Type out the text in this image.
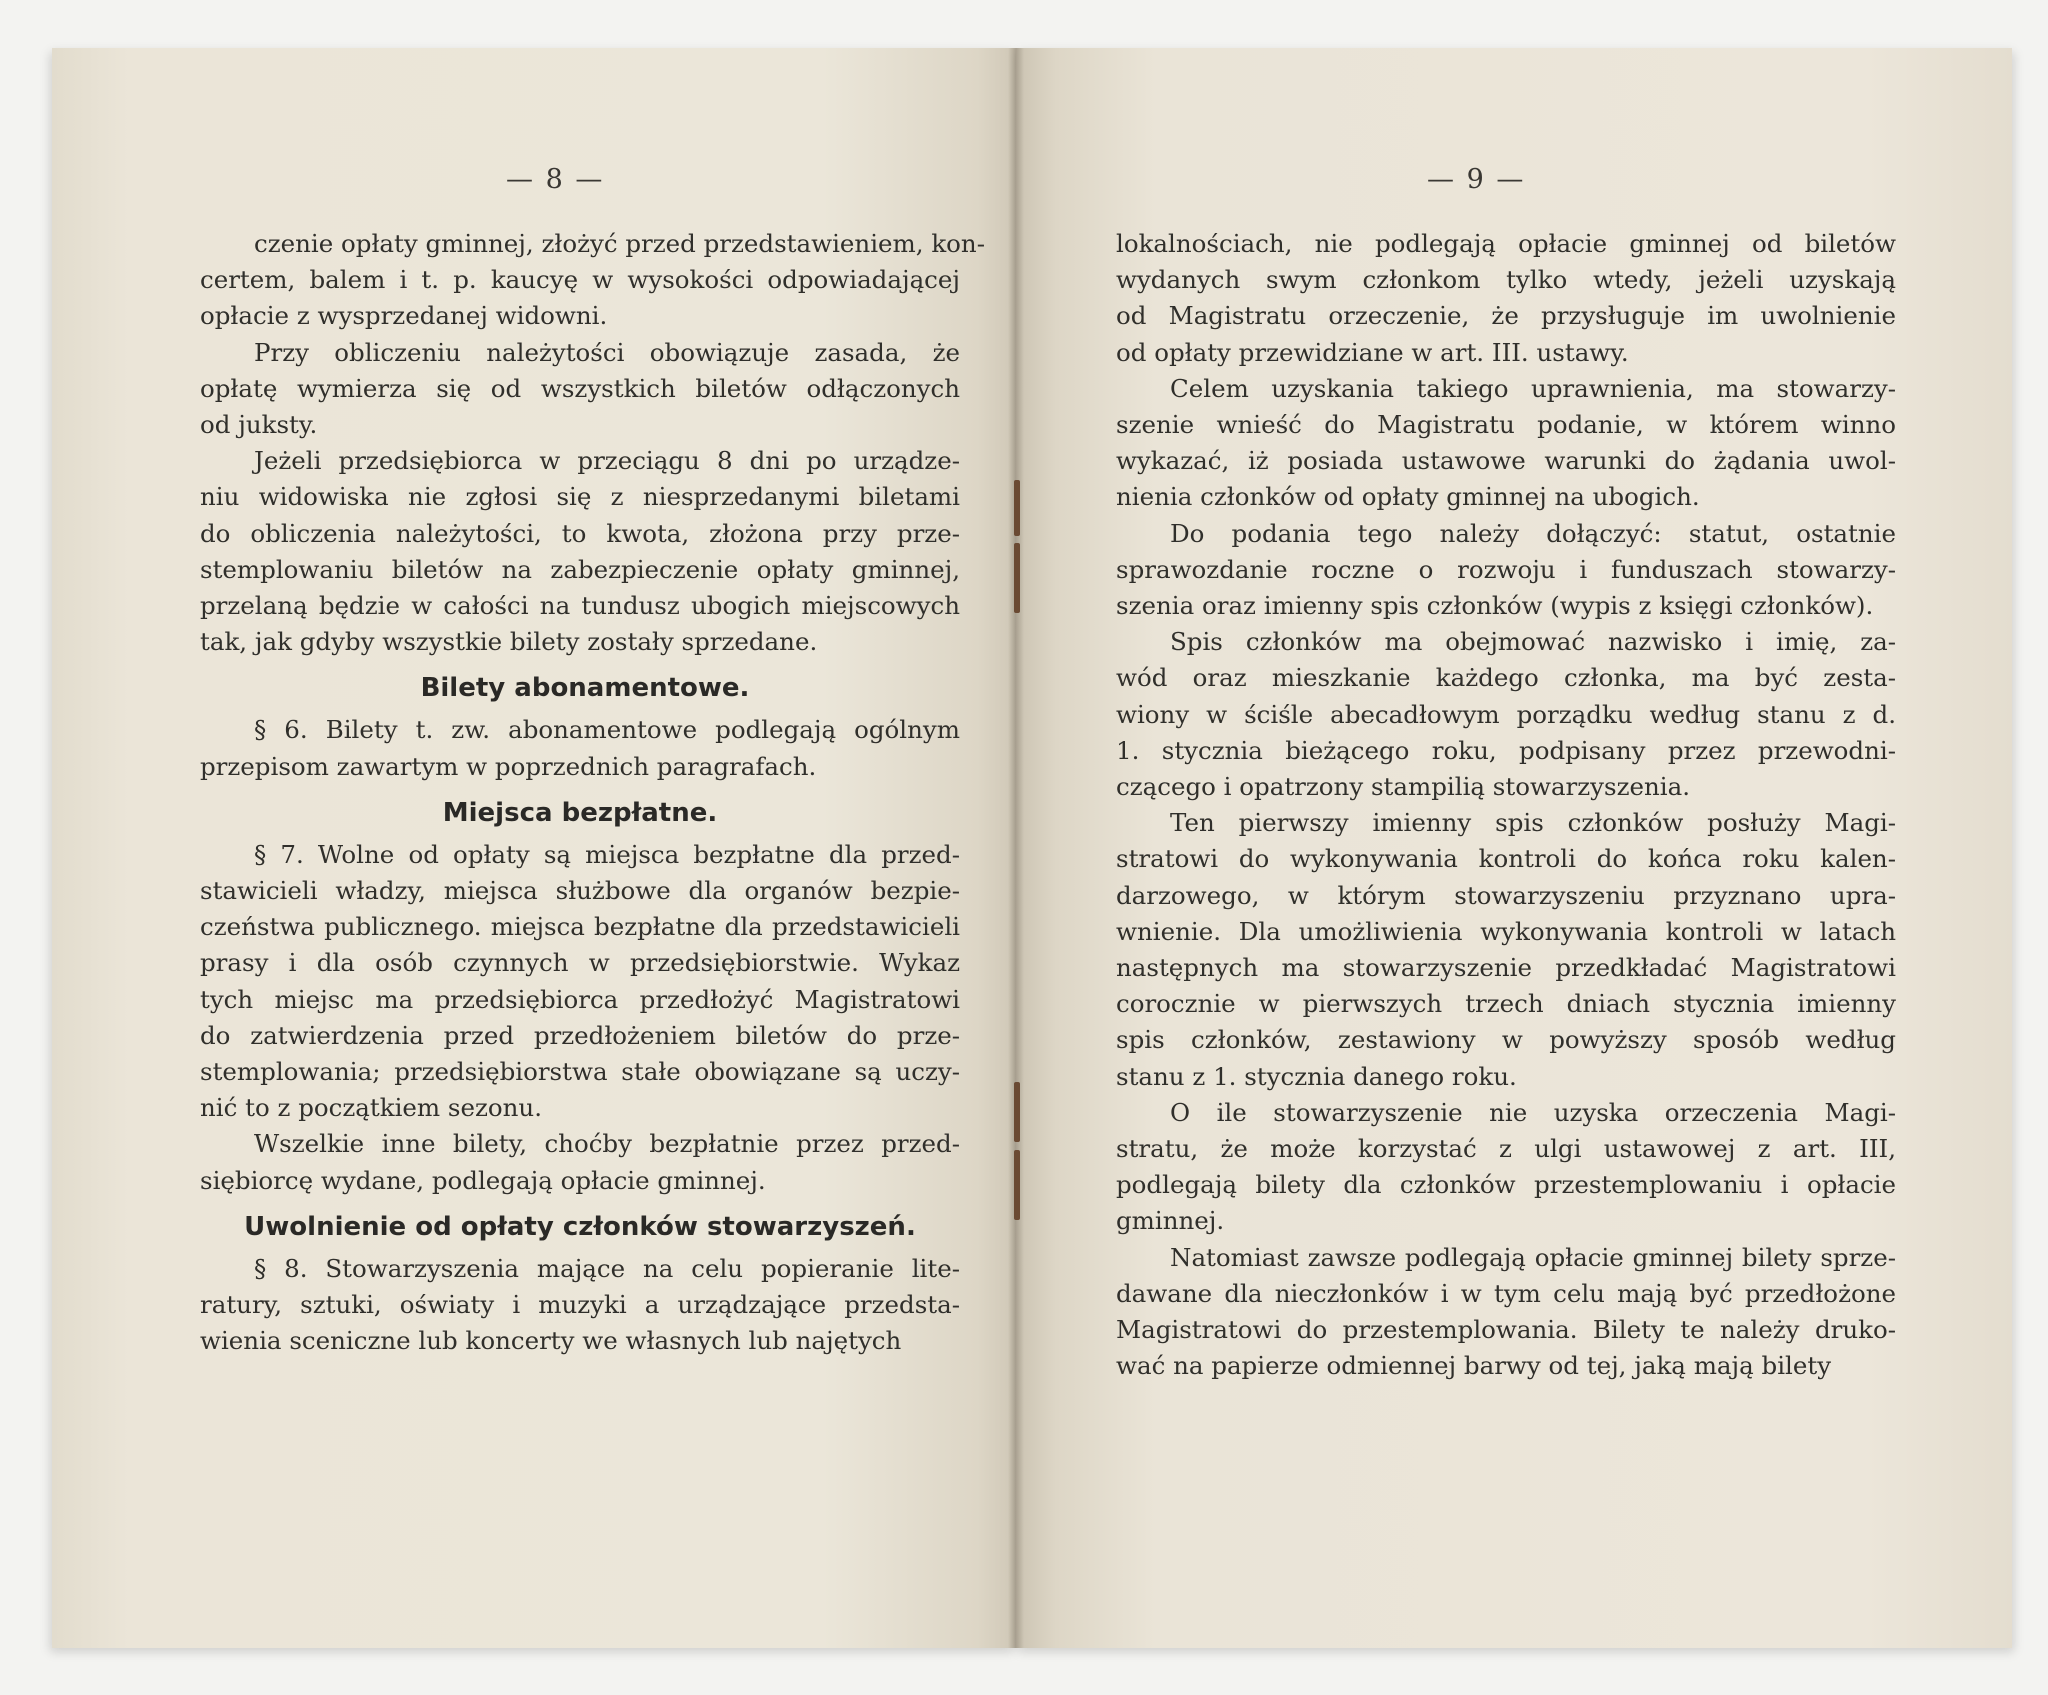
— 8 —
czenie opłaty gminnej, złożyć przed przedstawieniem, kon-
certem, balem i t. p. kaucyę w wysokości odpowiadającej
opłacie z wysprzedanej widowni.
Przy obliczeniu należytości obowiązuje zasada, że
opłatę wymierza się od wszystkich biletów odłączonych
od juksty.
Jeżeli przedsiębiorca w przeciągu 8 dni po urządze-
niu widowiska nie zgłosi się z niesprzedanymi biletami
do obliczenia należytości, to kwota, złożona przy prze-
stemplowaniu biletów na zabezpieczenie opłaty gminnej,
przelaną będzie w całości na tundusz ubogich miejscowych
tak, jak gdyby wszystkie bilety zostały sprzedane.
Bilety abonamentowe.
§ 6. Bilety t. zw. abonamentowe podlegają ogólnym
przepisom zawartym w poprzednich paragrafach.
Miejsca bezpłatne.
§ 7. Wolne od opłaty są miejsca bezpłatne dla przed-
stawicieli władzy, miejsca służbowe dla organów bezpie-
czeństwa publicznego. miejsca bezpłatne dla przedstawicieli
prasy i dla osób czynnych w przedsiębiorstwie. Wykaz
tych miejsc ma przedsiębiorca przedłożyć Magistratowi
do zatwierdzenia przed przedłożeniem biletów do prze-
stemplowania; przedsiębiorstwa stałe obowiązane są uczy-
nić to z początkiem sezonu.
Wszelkie inne bilety, choćby bezpłatnie przez przed-
siębiorcę wydane, podlegają opłacie gminnej.
Uwolnienie od opłaty członków stowarzyszeń.
§ 8. Stowarzyszenia mające na celu popieranie lite-
ratury, sztuki, oświaty i muzyki a urządzające przedsta-
wienia sceniczne lub koncerty we własnych lub najętych
— 9 —
lokalnościach, nie podlegają opłacie gminnej od biletów
wydanych swym członkom tylko wtedy, jeżeli uzyskają
od Magistratu orzeczenie, że przysługuje im uwolnienie
od opłaty przewidziane w art. III. ustawy.
Celem uzyskania takiego uprawnienia, ma stowarzy-
szenie wnieść do Magistratu podanie, w którem winno
wykazać, iż posiada ustawowe warunki do żądania uwol-
nienia członków od opłaty gminnej na ubogich.
Do podania tego należy dołączyć: statut, ostatnie
sprawozdanie roczne o rozwoju i funduszach stowarzy-
szenia oraz imienny spis członków (wypis z księgi członków).
Spis członków ma obejmować nazwisko i imię, za-
wód oraz mieszkanie każdego członka, ma być zesta-
wiony w ściśle abecadłowym porządku według stanu z d.
1. stycznia bieżącego roku, podpisany przez przewodni-
czącego i opatrzony stampilią stowarzyszenia.
Ten pierwszy imienny spis członków posłuży Magi-
stratowi do wykonywania kontroli do końca roku kalen-
darzowego, w którym stowarzyszeniu przyznano upra-
wnienie. Dla umożliwienia wykonywania kontroli w latach
następnych ma stowarzyszenie przedkładać Magistratowi
corocznie w pierwszych trzech dniach stycznia imienny
spis członków, zestawiony w powyższy sposób według
stanu z 1. stycznia danego roku.
O ile stowarzyszenie nie uzyska orzeczenia Magi-
stratu, że może korzystać z ulgi ustawowej z art. III,
podlegają bilety dla członków przestemplowaniu i opłacie
gminnej.
Natomiast zawsze podlegają opłacie gminnej bilety sprze-
dawane dla nieczłonków i w tym celu mają być przedłożone
Magistratowi do przestemplowania. Bilety te należy druko-
wać na papierze odmiennej barwy od tej, jaką mają bilety
